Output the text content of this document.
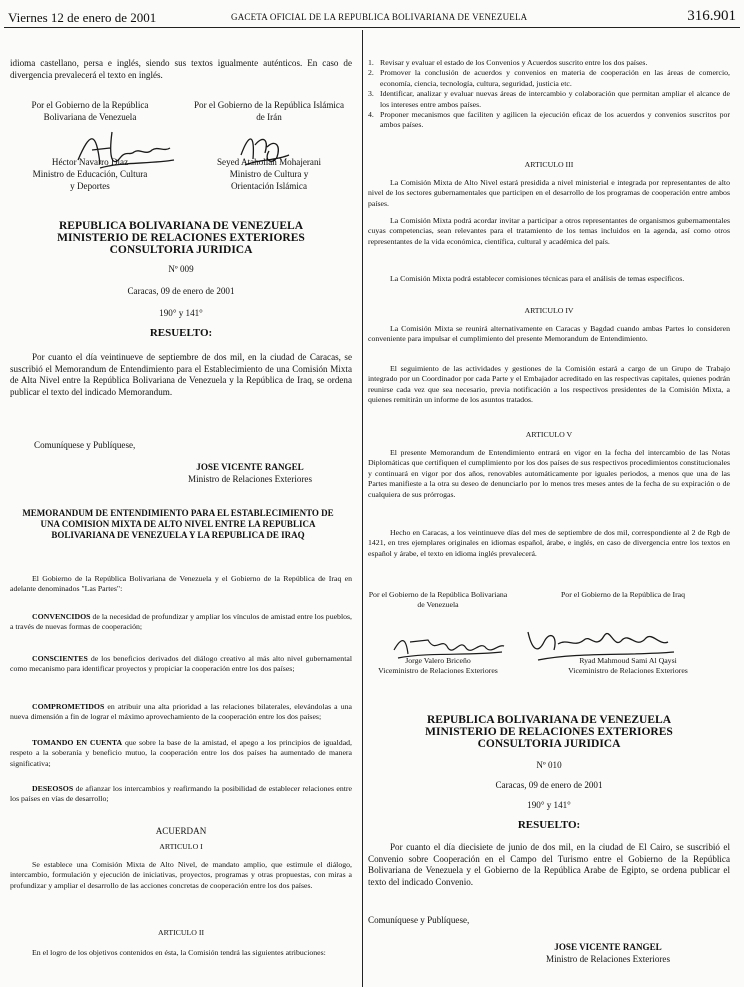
Viernes 12 de enero de 2001	GACETA OFICIAL DE LA REPUBLICA BOLIVARIANA DE VENEZUELA	316.901

idioma castellano, persa e inglés, siendo sus textos igualmente auténticos. En caso de divergencia prevalecerá el texto en inglés.

Por el Gobierno de la República Bolivariana de Venezuela

Por el Gobierno de la República Islámica de Irán

Héctor Navarro Díaz

Ministro de Educación, Cultura y Deportes

Seyed Atahollah Mohajerani

Ministro de Cultura y Orientación Islámica

REPUBLICA BOLIVARIANA DE VENEZUELA

MINISTERIO DE RELACIONES EXTERIORES

CONSULTORIA JURIDICA

Nº 009

Caracas, 09 de enero de 2001

190° y 141°

RESUELTO:

Por cuanto el día veintinueve de septiembre de dos mil, en la ciudad de Caracas, se suscribió el Memorandum de Entendimiento para el Establecimiento de una Comisión Mixta de Alta Nivel entre la República Bolivariana de Venezuela y la República de Iraq, se ordena publicar el texto del indicado Memorandum.

Comuníquese y Publíquese,

JOSE VICENTE RANGEL

Ministro de Relaciones Exteriores

MEMORANDUM DE ENTENDIMIENTO PARA EL ESTABLECIMIENTO DE UNA COMISION MIXTA DE ALTO NIVEL ENTRE LA REPUBLICA BOLIVARIANA DE VENEZUELA Y LA REPUBLICA DE IRAQ

El Gobierno de la República Bolivariana de Venezuela y el Gobierno de la República de Iraq en adelante denominados "Las Partes":

CONVENCIDOS de la necesidad de profundizar y ampliar los vínculos de amistad entre los pueblos, a través de nuevas formas de cooperación;

CONSCIENTES de los beneficios derivados del diálogo creativo al más alto nivel gubernamental como mecanismo para identificar proyectos y propiciar la cooperación entre los dos países;

COMPROMETIDOS en atribuir una alta prioridad a las relaciones bilaterales, elevándolas a una nueva dimensión a fin de lograr el máximo aprovechamiento de la cooperación entre los dos países;

TOMANDO EN CUENTA que sobre la base de la amistad, el apego a los principios de igualdad, respeto a la soberanía y beneficio mutuo, la cooperación entre los dos países ha aumentado de manera significativa;

DESEOSOS de afianzar los intercambios y reafirmando la posibilidad de establecer relaciones entre los países en vías de desarrollo;

ACUERDAN

ARTICULO I

Se establece una Comisión Mixta de Alto Nivel, de mandato amplio, que estimule el diálogo, intercambio, formulación y ejecución de iniciativas, proyectos, programas y otras propuestas, con miras a profundizar y ampliar el desarrollo de las acciones concretas de cooperación entre los dos países.

ARTICULO II

En el logro de los objetivos contenidos en ésta, la Comisión tendrá las siguientes atribuciones:

1. Revisar y evaluar el estado de los Convenios y Acuerdos suscrito entre los dos países.
2. Promover la conclusión de acuerdos y convenios en materia de cooperación en las áreas de comercio, economía, ciencia, tecnología, cultura, seguridad, justicia etc.
3. Identificar, analizar y evaluar nuevas áreas de intercambio y colaboración que permitan ampliar el alcance de los intereses entre ambos países.
4. Proponer mecanismos que faciliten y agilicen la ejecución eficaz de los acuerdos y convenios suscritos por ambos países.

ARTICULO III

La Comisión Mixta de Alto Nivel estará presidida a nivel ministerial e integrada por representantes de alto nivel de los sectores gubernamentales que participen en el desarrollo de los programas de cooperación entre ambos países.

La Comisión Mixta podrá acordar invitar a participar a otros representantes de organismos gubernamentales cuyas competencias, sean relevantes para el tratamiento de los temas incluidos en la agenda, así como otros representantes de la vida económica, científica, cultural y académica del país.

La Comisión Mixta podrá establecer comisiones técnicas para el análisis de temas específicos.

ARTICULO IV

La Comisión Mixta se reunirá alternativamente en Caracas y Bagdad cuando ambas Partes lo consideren conveniente para impulsar el cumplimiento del presente Memorandum de Entendimiento.

El seguimiento de las actividades y gestiones de la Comisión estará a cargo de un Grupo de Trabajo integrado por un Coordinador por cada Parte y el Embajador acreditado en las respectivas capitales, quienes podrán reunirse cada vez que sea necesario, previa notificación a los respectivos presidentes de la Comisión Mixta, a quienes remitirán un informe de los asuntos tratados.

ARTICULO V

El presente Memorandum de Entendimiento entrará en vigor en la fecha del intercambio de las Notas Diplomáticas que certifiquen el cumplimiento por los dos países de sus respectivos procedimientos constitucionales y continuará en vigor por dos años, renovables automáticamente por iguales periodos, a menos que una de las Partes manifieste a la otra su deseo de denunciarlo por lo menos tres meses antes de la fecha de su expiración o de cualquiera de sus prórrogas.

Hecho en Caracas, a los veintinueve días del mes de septiembre de dos mil, correspondiente al 2 de Rgb de 1421, en tres ejemplares originales en idiomas español, árabe, e inglés, en caso de divergencia entre los textos en español y árabe, el texto en idioma inglés prevalecerá.

Por el Gobierno de la República Bolivariana de Venezuela

Por el Gobierno de la República de Iraq

Jorge Valero Briceño

Viceministro de Relaciones Exteriores

Ryad Mahmoud Sami Al Qaysi

Viceministro de Relaciones Exteriores

REPUBLICA BOLIVARIANA DE VENEZUELA

MINISTERIO DE RELACIONES EXTERIORES

CONSULTORIA JURIDICA

Nº 010

Caracas, 09 de enero de 2001

190° y 141°

RESUELTO:

Por cuanto el día diecisiete de junio de dos mil, en la ciudad de El Cairo, se suscribió el Convenio sobre Cooperación en el Campo del Turismo entre el Gobierno de la República Bolivariana de Venezuela y el Gobierno de la República Arabe de Egipto, se ordena publicar el texto del indicado Convenio.

Comuníquese y Publíquese,

JOSE VICENTE RANGEL

Ministro de Relaciones Exteriores
